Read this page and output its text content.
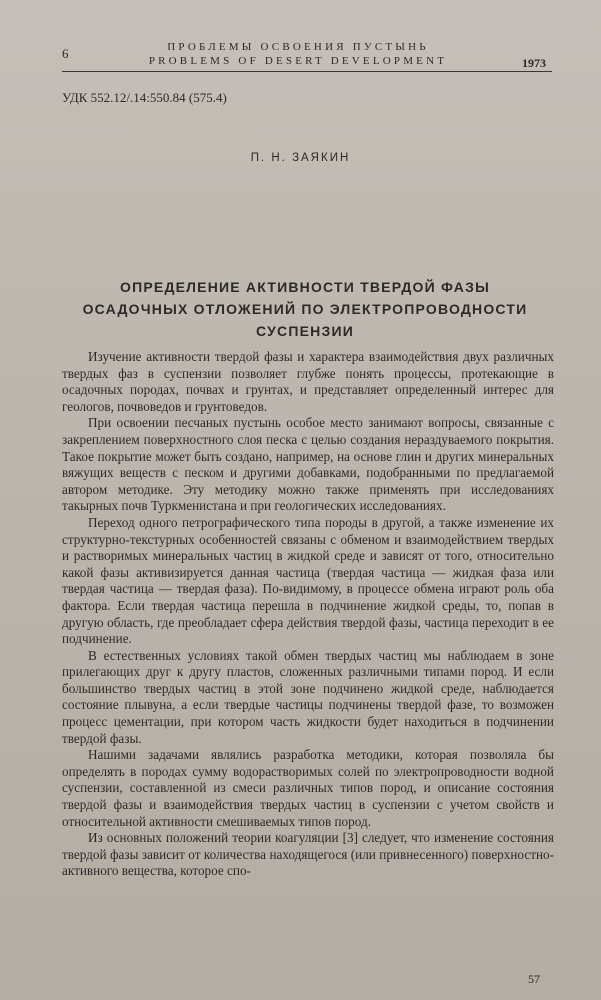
6	ПРОБЛЕМЫ ОСВОЕНИЯ ПУСТЫНЬ
PROBLEMS OF DESERT DEVELOPMENT	1973
УДК 552.12/.14:550.84 (575.4)
П. Н. ЗАЯКИН
ОПРЕДЕЛЕНИЕ АКТИВНОСТИ ТВЕРДОЙ ФАЗЫ
ОСАДОЧНЫХ ОТЛОЖЕНИЙ ПО ЭЛЕКТРОПРОВОДНОСТИ
СУСПЕНЗИИ

Изучение активности твердой фазы и характера взаимодействия двух различных твердых фаз в суспензии позволяет глубже понять процессы, протекающие в осадочных породах, почвах и грунтах, и представляет определенный интерес для геологов, почвоведов и грунтоведов.

При освоении песчаных пустынь особое место занимают вопросы, связанные с закреплением поверхностного слоя песка с целью создания нераздуваемого покрытия. Такое покрытие может быть создано, например, на основе глин и других минеральных вяжущих веществ с песком и другими добавками, подобранными по предлагаемой автором методике. Эту методику можно также применять при исследованиях такырных почв Туркменистана и при геологических исследованиях.

Переход одного петрографического типа породы в другой, а также изменение их структурно-текстурных особенностей связаны с обменом и взаимодействием твердых и растворимых минеральных частиц в жидкой среде и зависят от того, относительно какой фазы активизируется данная частица (твердая частица — жидкая фаза или твердая частица — твердая фаза). По-видимому, в процессе обмена играют роль оба фактора. Если твердая частица перешла в подчинение жидкой среды, то, попав в другую область, где преобладает сфера действия твердой фазы, частица переходит в ее подчинение.

В естественных условиях такой обмен твердых частиц мы наблюдаем в зоне прилегающих друг к другу пластов, сложенных различными типами пород. И если большинство твердых частиц в этой зоне подчинено жидкой среде, наблюдается состояние плывуна, а если твердые частицы подчинены твердой фазе, то возможен процесс цементации, при котором часть жидкости будет находиться в подчинении твердой фазы.

Нашими задачами являлись разработка методики, которая позволяла бы определять в породах сумму водорастворимых солей по электропроводности водной суспензии, составленной из смеси различных типов пород, и описание состояния твердой фазы и взаимодействия твердых частиц в суспензии с учетом свойств и относительной активности смешиваемых типов пород.

Из основных положений теории коагуляции [3] следует, что изменение состояния твердой фазы зависит от количества находящегося (или привнесенного) поверхностно-активного вещества, которое спо-

57
